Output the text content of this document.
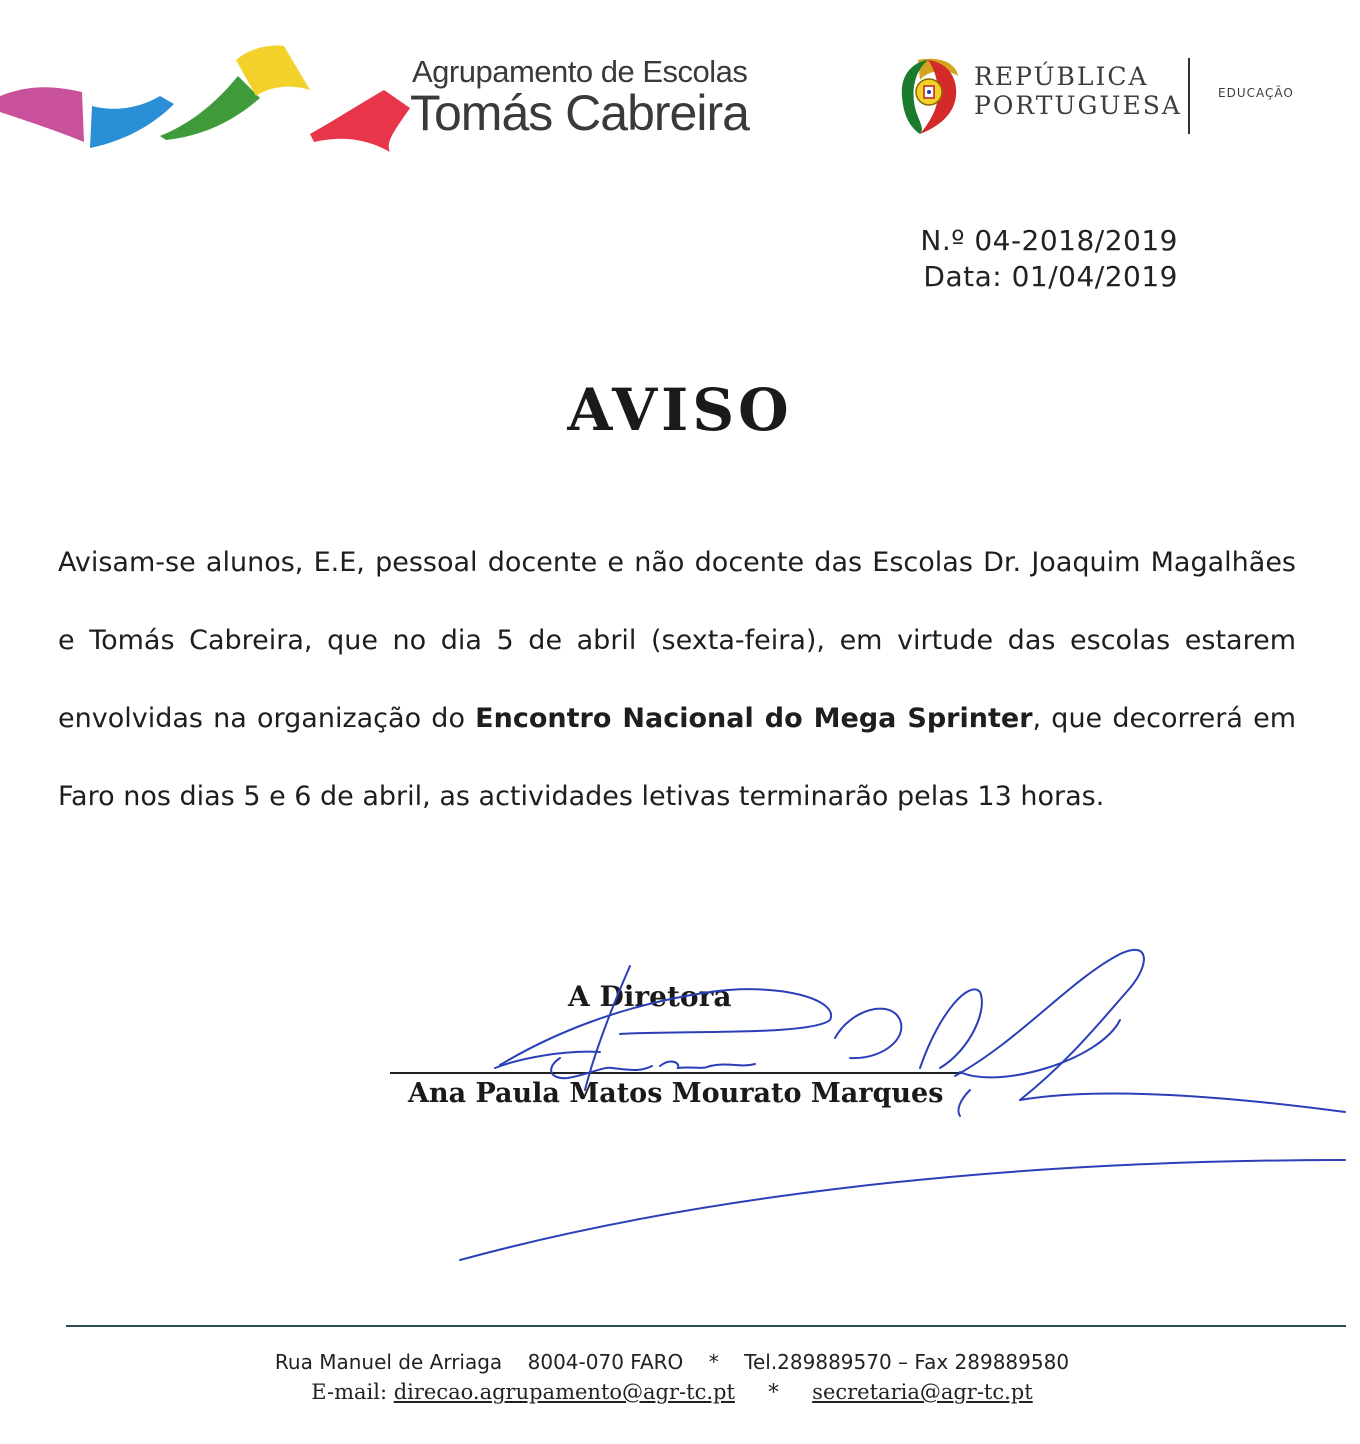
Agrupamento de Escolas
Tomás Cabreira
REPÚBLICA
PORTUGUESA	EDUCAÇÃO
N.º 04-2018/2019
Data: 01/04/2019
AVISO
Avisam-se alunos, E.E, pessoal docente e não docente das Escolas Dr. Joaquim Magalhães e Tomás Cabreira, que no dia 5 de abril (sexta-feira), em virtude das escolas estarem envolvidas na organização do Encontro Nacional do Mega Sprinter, que decorrerá em Faro nos dias 5 e 6 de abril, as actividades letivas terminarão pelas 13 horas.
A Diretora
Ana Paula Matos Mourato Marques
Rua Manuel de Arriaga 8004-070 FARO * Tel.289889570 – Fax 289889580
E-mail: direcao.agrupamento@agr-tc.pt * secretaria@agr-tc.pt
